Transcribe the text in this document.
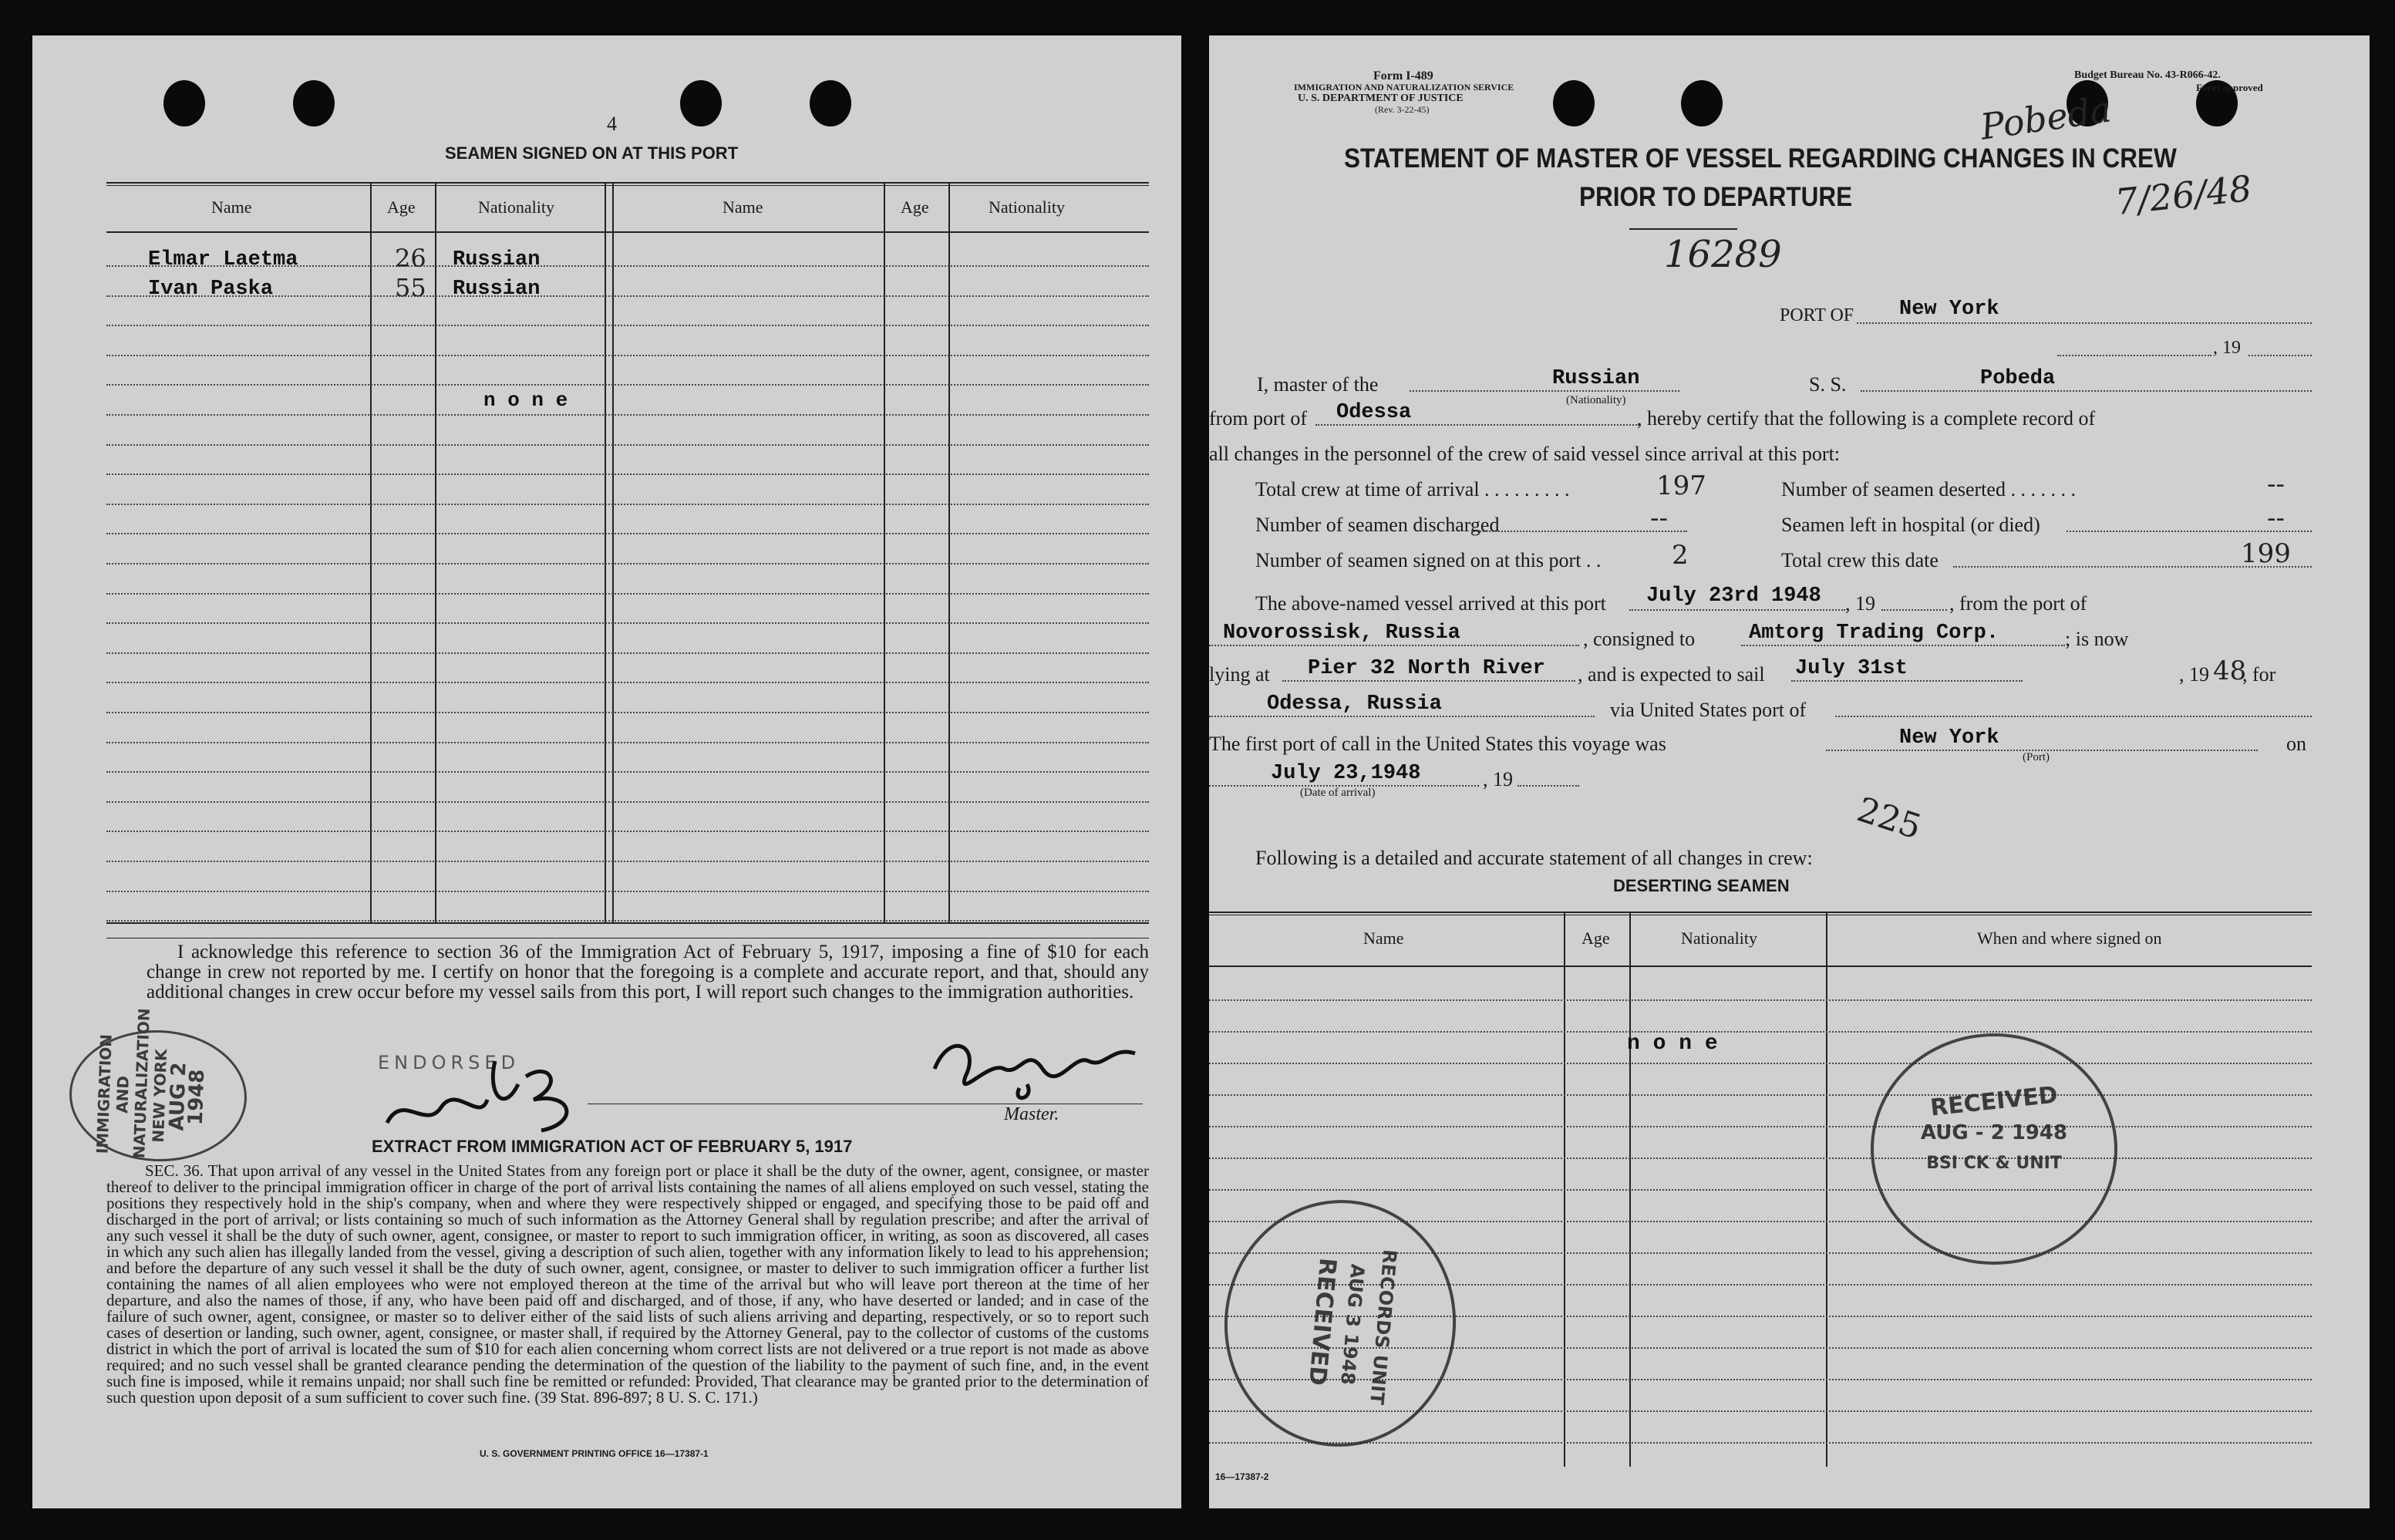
4
SEAMEN SIGNED ON AT THIS PORT
Name	Age	Nationality	Name	Age	Nationality
Elmar Laetma	26 Russian
Ivan Paska	55 Russian
n o n e
I acknowledge this reference to section 36 of the Immigration Act of February 5, 1917, imposing a fine of $10 for each change in crew not reported by me. I certify on honor that the foregoing is a complete and accurate report, and that, should any additional changes in crew occur before my vessel sails from this port, I will report such changes to the immigration authorities.
IMMIGRATION AND
NATURALIZATION
NEW YORK
AUG 2 1948
ENDORSED
Master.
EXTRACT FROM IMMIGRATION ACT OF FEBRUARY 5, 1917
SEC. 36. That upon arrival of any vessel in the United States from any foreign port or place it shall be the duty of the owner, agent, consignee, or master thereof to deliver to the principal immigration officer in charge of the port of arrival lists containing the names of all aliens employed on such vessel, stating the positions they respectively hold in the ship's company, when and where they were respectively shipped or engaged, and specifying those to be paid off and discharged in the port of arrival; or lists containing so much of such information as the Attorney General shall by regulation prescribe; and after the arrival of any such vessel it shall be the duty of such owner, agent, consignee, or master to report to such immigration officer, in writing, as soon as discovered, all cases in which any such alien has illegally landed from the vessel, giving a description of such alien, together with any information likely to lead to his apprehension; and before the departure of any such vessel it shall be the duty of such owner, agent, consignee, or master to deliver to such immigration officer a further list containing the names of all alien employees who were not employed thereon at the time of the arrival but who will leave port thereon at the time of her departure, and also the names of those, if any, who have been paid off and discharged, and of those, if any, who have deserted or landed; and in case of the failure of such owner, agent, consignee, or master so to deliver either of the said lists of such aliens arriving and departing, respectively, or so to report such cases of desertion or landing, such owner, agent, consignee, or master shall, if required by the Attorney General, pay to the collector of customs of the customs district in which the port of arrival is located the sum of $10 for each alien concerning whom correct lists are not delivered or a true report is not made as above required; and no such vessel shall be granted clearance pending the determination of the question of the liability to the payment of such fine, and, in the event such fine is imposed, while it remains unpaid; nor shall such fine be remitted or refunded: Provided, That clearance may be granted prior to the determination of such question upon deposit of a sum sufficient to cover such fine. (39 Stat. 896-897; 8 U. S. C. 171.)
U. S. GOVERNMENT PRINTING OFFICE 16—17387-1
Form I-489
IMMIGRATION AND NATURALIZATION SERVICE
U. S. DEPARTMENT OF JUSTICE
(Rev. 3-22-45)
Budget Bureau No. 43-R066-42.
Form approved
Pobeda
7/26/48
STATEMENT OF MASTER OF VESSEL REGARDING CHANGES IN CREW
PRIOR TO DEPARTURE
16289
PORT OF New York
, 19
I, master of the	Russian
(Nationality)
S. S.	Pobeda
from port of Odessa	, hereby certify that the following is a complete record of
all changes in the personnel of the crew of said vessel since arrival at this port:
Total crew at time of arrival . . . . . . . . .	197	Number of seamen deserted . . . . . . .	--
Number of seamen discharged	--	Seamen left in hospital (or died)	--
Number of seamen signed on at this port . .	2	Total crew this date	199
The above-named vessel arrived at this port July 23rd 1948 , 19	, from the port of
Novorossisk, Russia	, consigned to	Amtorg Trading Corp.	; is now
lying at Pier 32 North River , and is expected to sail July 31st	, 19 48
, for
Odessa, Russia	via United States port of
The first port of call in the United States this voyage was	New York
(Port)
on
July 23,1948
(Date of arrival)
, 19
225
Following is a detailed and accurate statement of all changes in crew:
DESERTING SEAMEN
Name	Age	Nationality	When and where signed on
n o n e
RECEIVED
AUG - 2 1948
BSI CK & UNIT
RECORDS UNIT
AUG 3 1948
RECEIVED
16—17387-2
